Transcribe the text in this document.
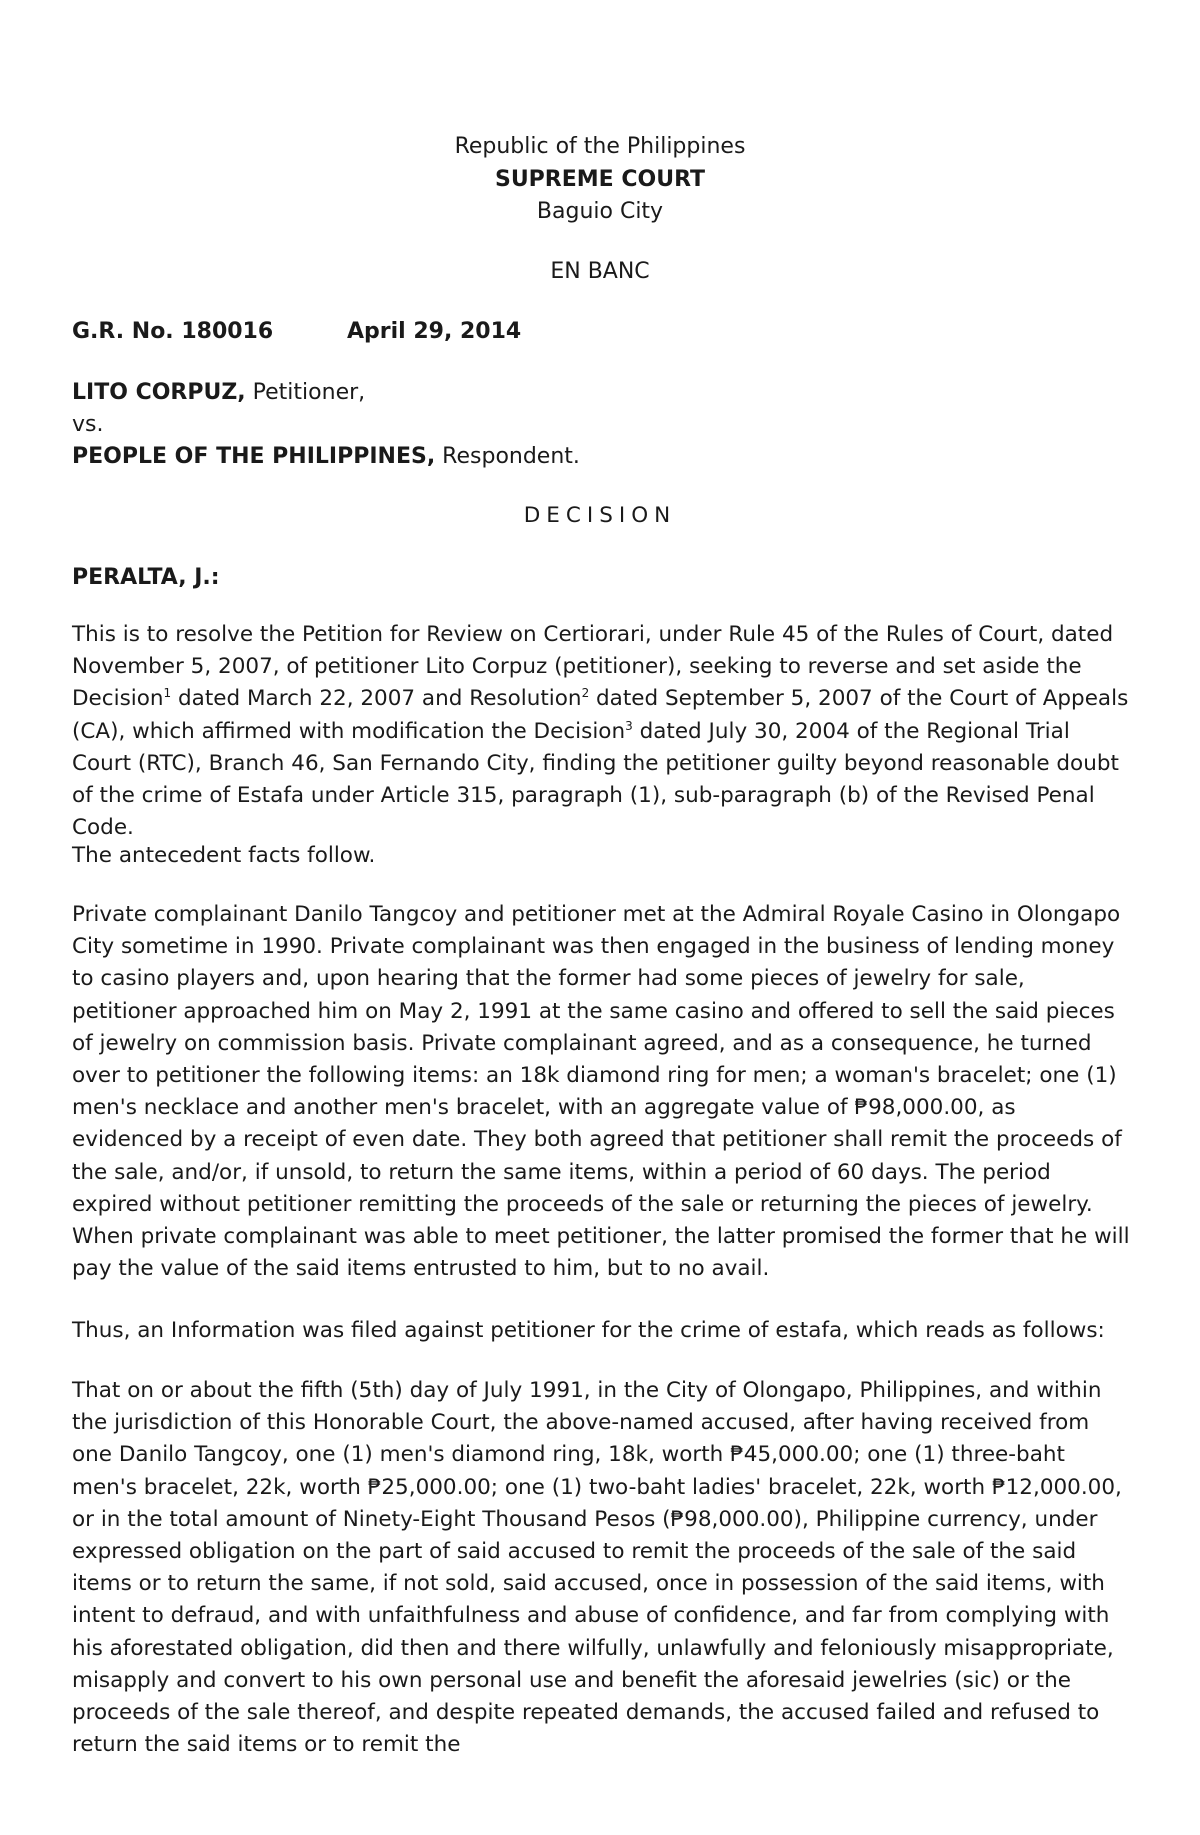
Republic of the Philippines
SUPREME COURT
Baguio City
EN BANC
G.R. No. 180016	April 29, 2014
LITO CORPUZ, Petitioner,
vs.
PEOPLE OF THE PHILIPPINES, Respondent.
DECISION
PERALTA, J.:

This is to resolve the Petition for Review on Certiorari, under Rule 45 of the Rules of Court, dated November 5, 2007, of petitioner Lito Corpuz (petitioner), seeking to reverse and set aside the Decision$^1$ dated March 22, 2007 and Resolution$^2$ dated September 5, 2007 of the Court of Appeals (CA), which affirmed with modification the Decision$^3$ dated July 30, 2004 of the Regional Trial Court (RTC), Branch 46, San Fernando City, finding the petitioner guilty beyond reasonable doubt of the crime of Estafa under Article 315, paragraph (1), sub-paragraph (b) of the Revised Penal Code.

The antecedent facts follow.

Private complainant Danilo Tangcoy and petitioner met at the Admiral Royale Casino in Olongapo City sometime in 1990. Private complainant was then engaged in the business of lending money to casino players and, upon hearing that the former had some pieces of jewelry for sale, petitioner approached him on May 2, 1991 at the same casino and offered to sell the said pieces of jewelry on commission basis. Private complainant agreed, and as a consequence, he turned over to petitioner the following items: an 18k diamond ring for men; a woman's bracelet; one (1) men's necklace and another men's bracelet, with an aggregate value of ₱98,000.00, as evidenced by a receipt of even date. They both agreed that petitioner shall remit the proceeds of the sale, and/or, if unsold, to return the same items, within a period of 60 days. The period expired without petitioner remitting the proceeds of the sale or returning the pieces of jewelry. When private complainant was able to meet petitioner, the latter promised the former that he will pay the value of the said items entrusted to him, but to no avail.

Thus, an Information was filed against petitioner for the crime of estafa, which reads as follows:

That on or about the fifth (5th) day of July 1991, in the City of Olongapo, Philippines, and within the jurisdiction of this Honorable Court, the above-named accused, after having received from one Danilo Tangcoy, one (1) men's diamond ring, 18k, worth ₱45,000.00; one (1) three-baht men's bracelet, 22k, worth ₱25,000.00; one (1) two-baht ladies' bracelet, 22k, worth ₱12,000.00, or in the total amount of Ninety-Eight Thousand Pesos (₱98,000.00), Philippine currency, under expressed obligation on the part of said accused to remit the proceeds of the sale of the said items or to return the same, if not sold, said accused, once in possession of the said items, with intent to defraud, and with unfaithfulness and abuse of confidence, and far from complying with his aforestated obligation, did then and there wilfully, unlawfully and feloniously misappropriate, misapply and convert to his own personal use and benefit the aforesaid jewelries (sic) or the proceeds of the sale thereof, and despite repeated demands, the accused failed and refused to return the said items or to remit the
